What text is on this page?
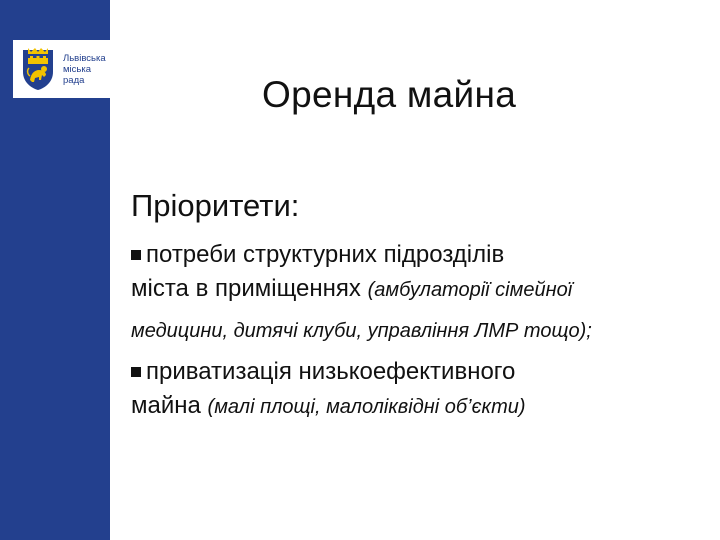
Львівська
міська
рада	Оренда майна
Пріоритети:
потреби структурних підрозділів
міста в приміщеннях (амбулаторії сімейної
медицини, дитячі клуби, управління ЛМР тощо);
приватизація низькоефективного
майна (малі площі, малоліквідні об’єкти)
